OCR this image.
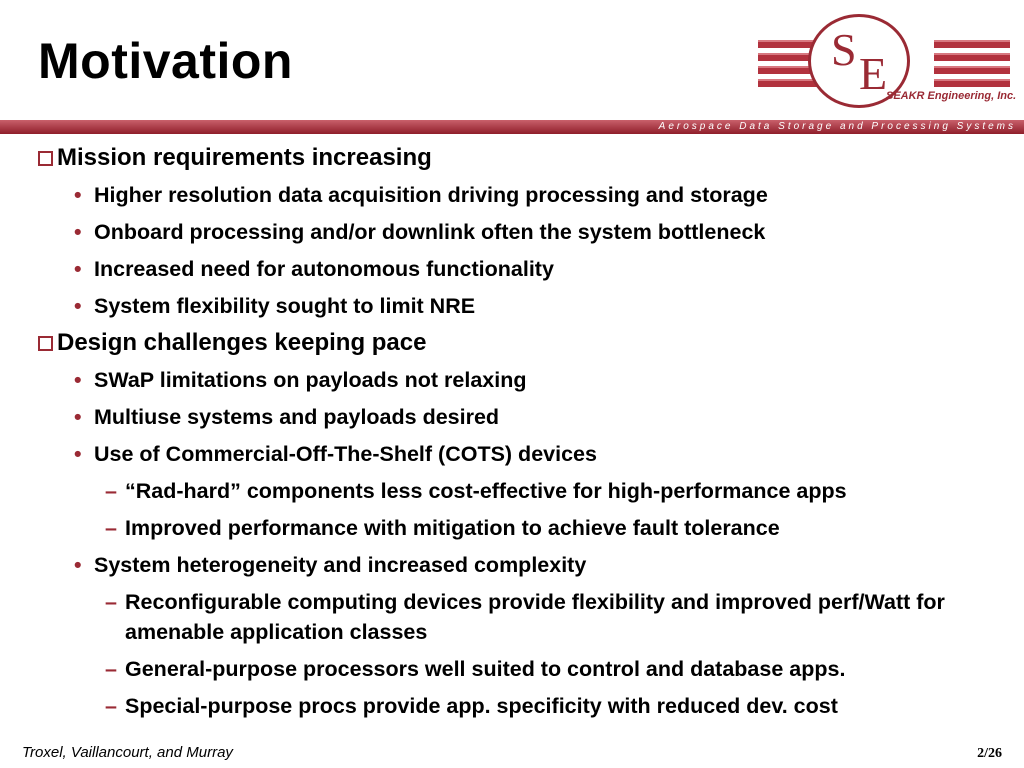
Motivation	S E
SEAKR Engineering, Inc.
Aerospace Data Storage and Processing Systems
Mission requirements increasing
• Higher resolution data acquisition driving processing and storage
• Onboard processing and/or downlink often the system bottleneck
• Increased need for autonomous functionality
• System flexibility sought to limit NRE
Design challenges keeping pace
• SWaP limitations on payloads not relaxing
• Multiuse systems and payloads desired
• Use of Commercial-Off-The-Shelf (COTS) devices
– “Rad-hard” components less cost-effective for high-performance apps
– Improved performance with mitigation to achieve fault tolerance
• System heterogeneity and increased complexity
– Reconfigurable computing devices provide flexibility and improved perf/Watt for amenable application classes
– General-purpose processors well suited to control and database apps.
– Special-purpose procs provide app. specificity with reduced dev. cost
Troxel, Vaillancourt, and Murray	2/26
